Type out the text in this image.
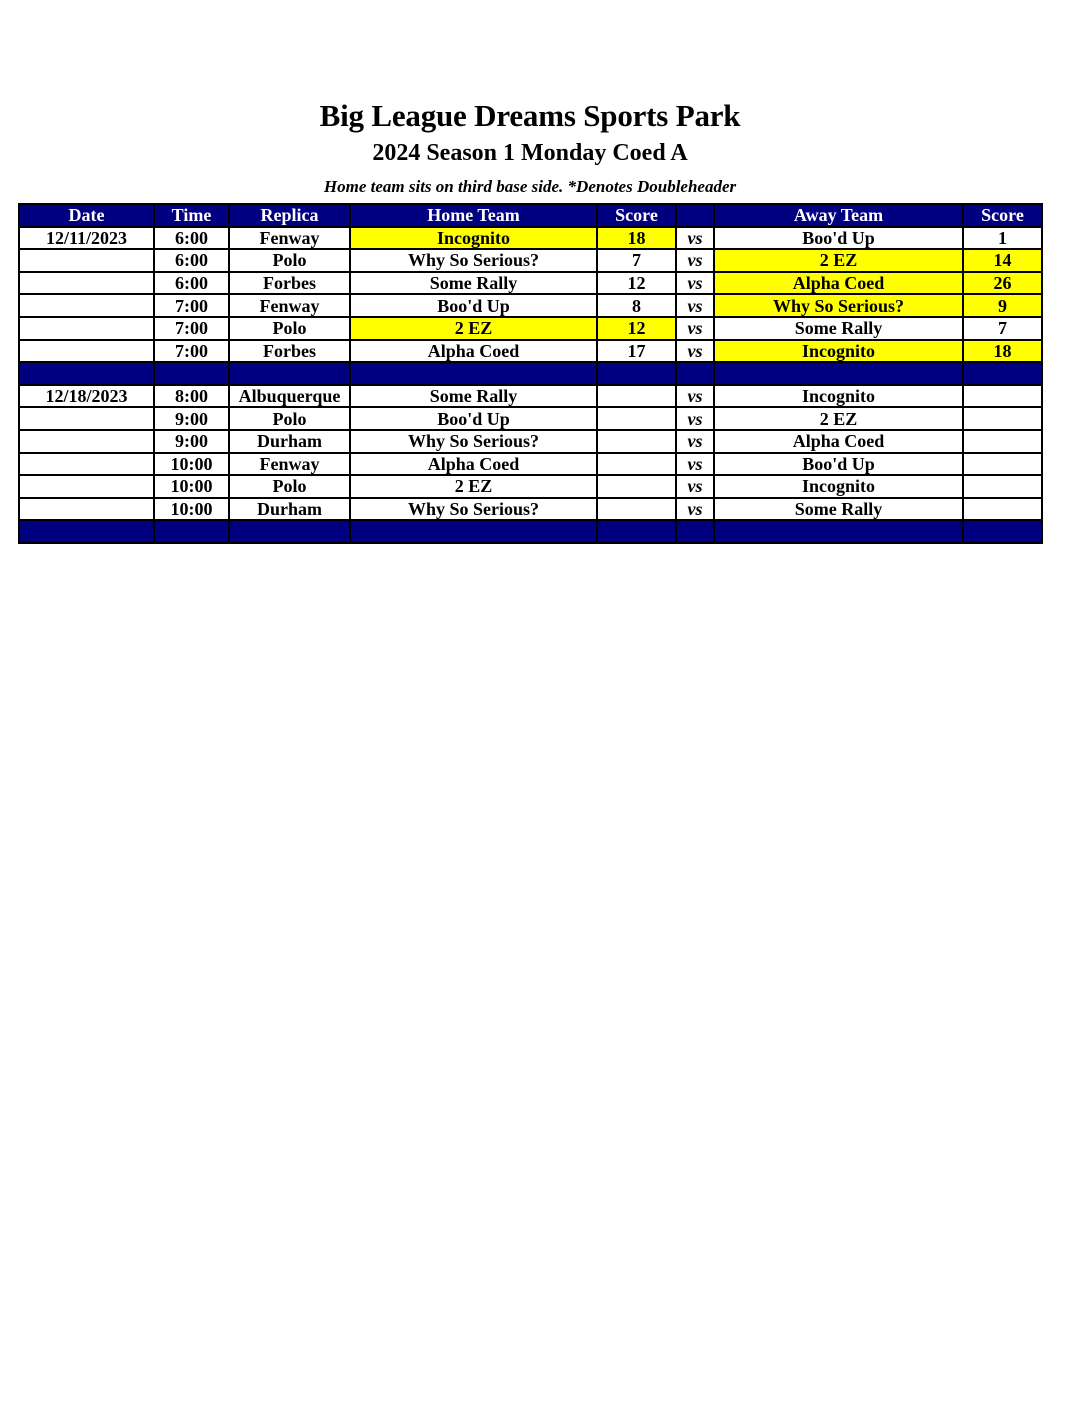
Big League Dreams Sports Park
2024 Season 1 Monday Coed A
Home team sits on third base side. *Denotes Doubleheader
Date	Time	Replica	Home Team	Score		Away Team	Score
12/11/2023	6:00	Fenway	Incognito	18	vs	Boo'd Up	1
	6:00	Polo	Why So Serious?	7	vs	2 EZ	14
	6:00	Forbes	Some Rally	12	vs	Alpha Coed	26
	7:00	Fenway	Boo'd Up	8	vs	Why So Serious?	9
	7:00	Polo	2 EZ	12	vs	Some Rally	7
	7:00	Forbes	Alpha Coed	17	vs	Incognito	18

12/18/2023	8:00	Albuquerque	Some Rally		vs	Incognito	
	9:00	Polo	Boo'd Up		vs	2 EZ	
	9:00	Durham	Why So Serious?		vs	Alpha Coed	
	10:00	Fenway	Alpha Coed		vs	Boo'd Up	
	10:00	Polo	2 EZ		vs	Incognito	
	10:00	Durham	Why So Serious?		vs	Some Rally	
